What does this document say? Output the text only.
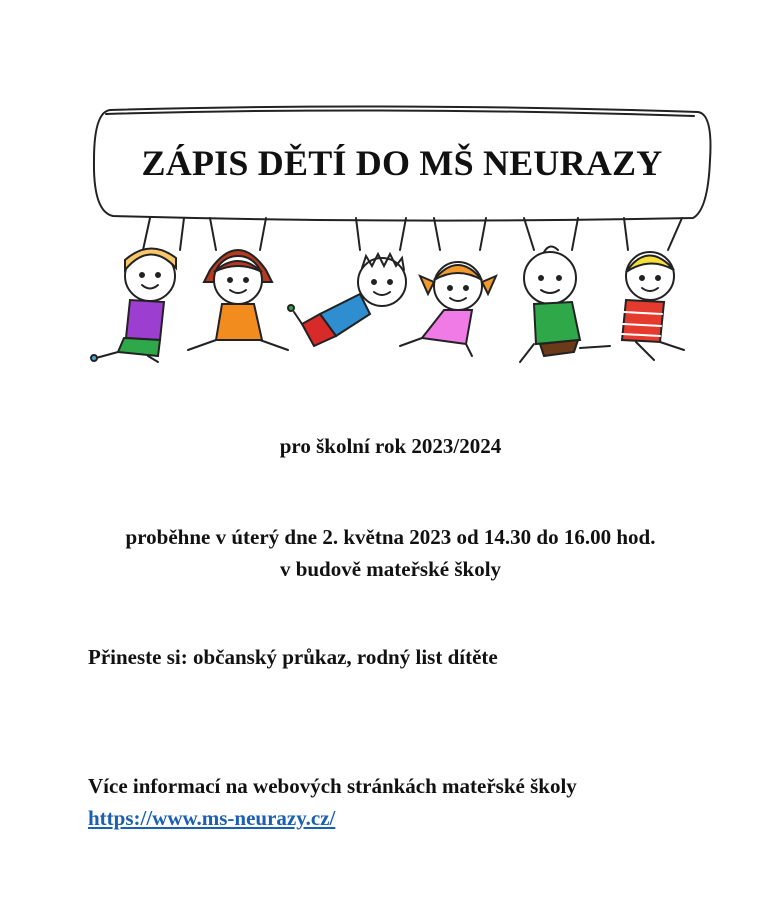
ZÁPIS DĚTÍ DO MŠ NEURAZY
pro školní rok 2023/2024
proběhne v úterý dne 2. května 2023 od 14.30 do 16.00 hod.
v budově mateřské školy
Přineste si: občanský průkaz, rodný list dítěte
Více informací na webových stránkách mateřské školy
https://www.ms-neurazy.cz/
